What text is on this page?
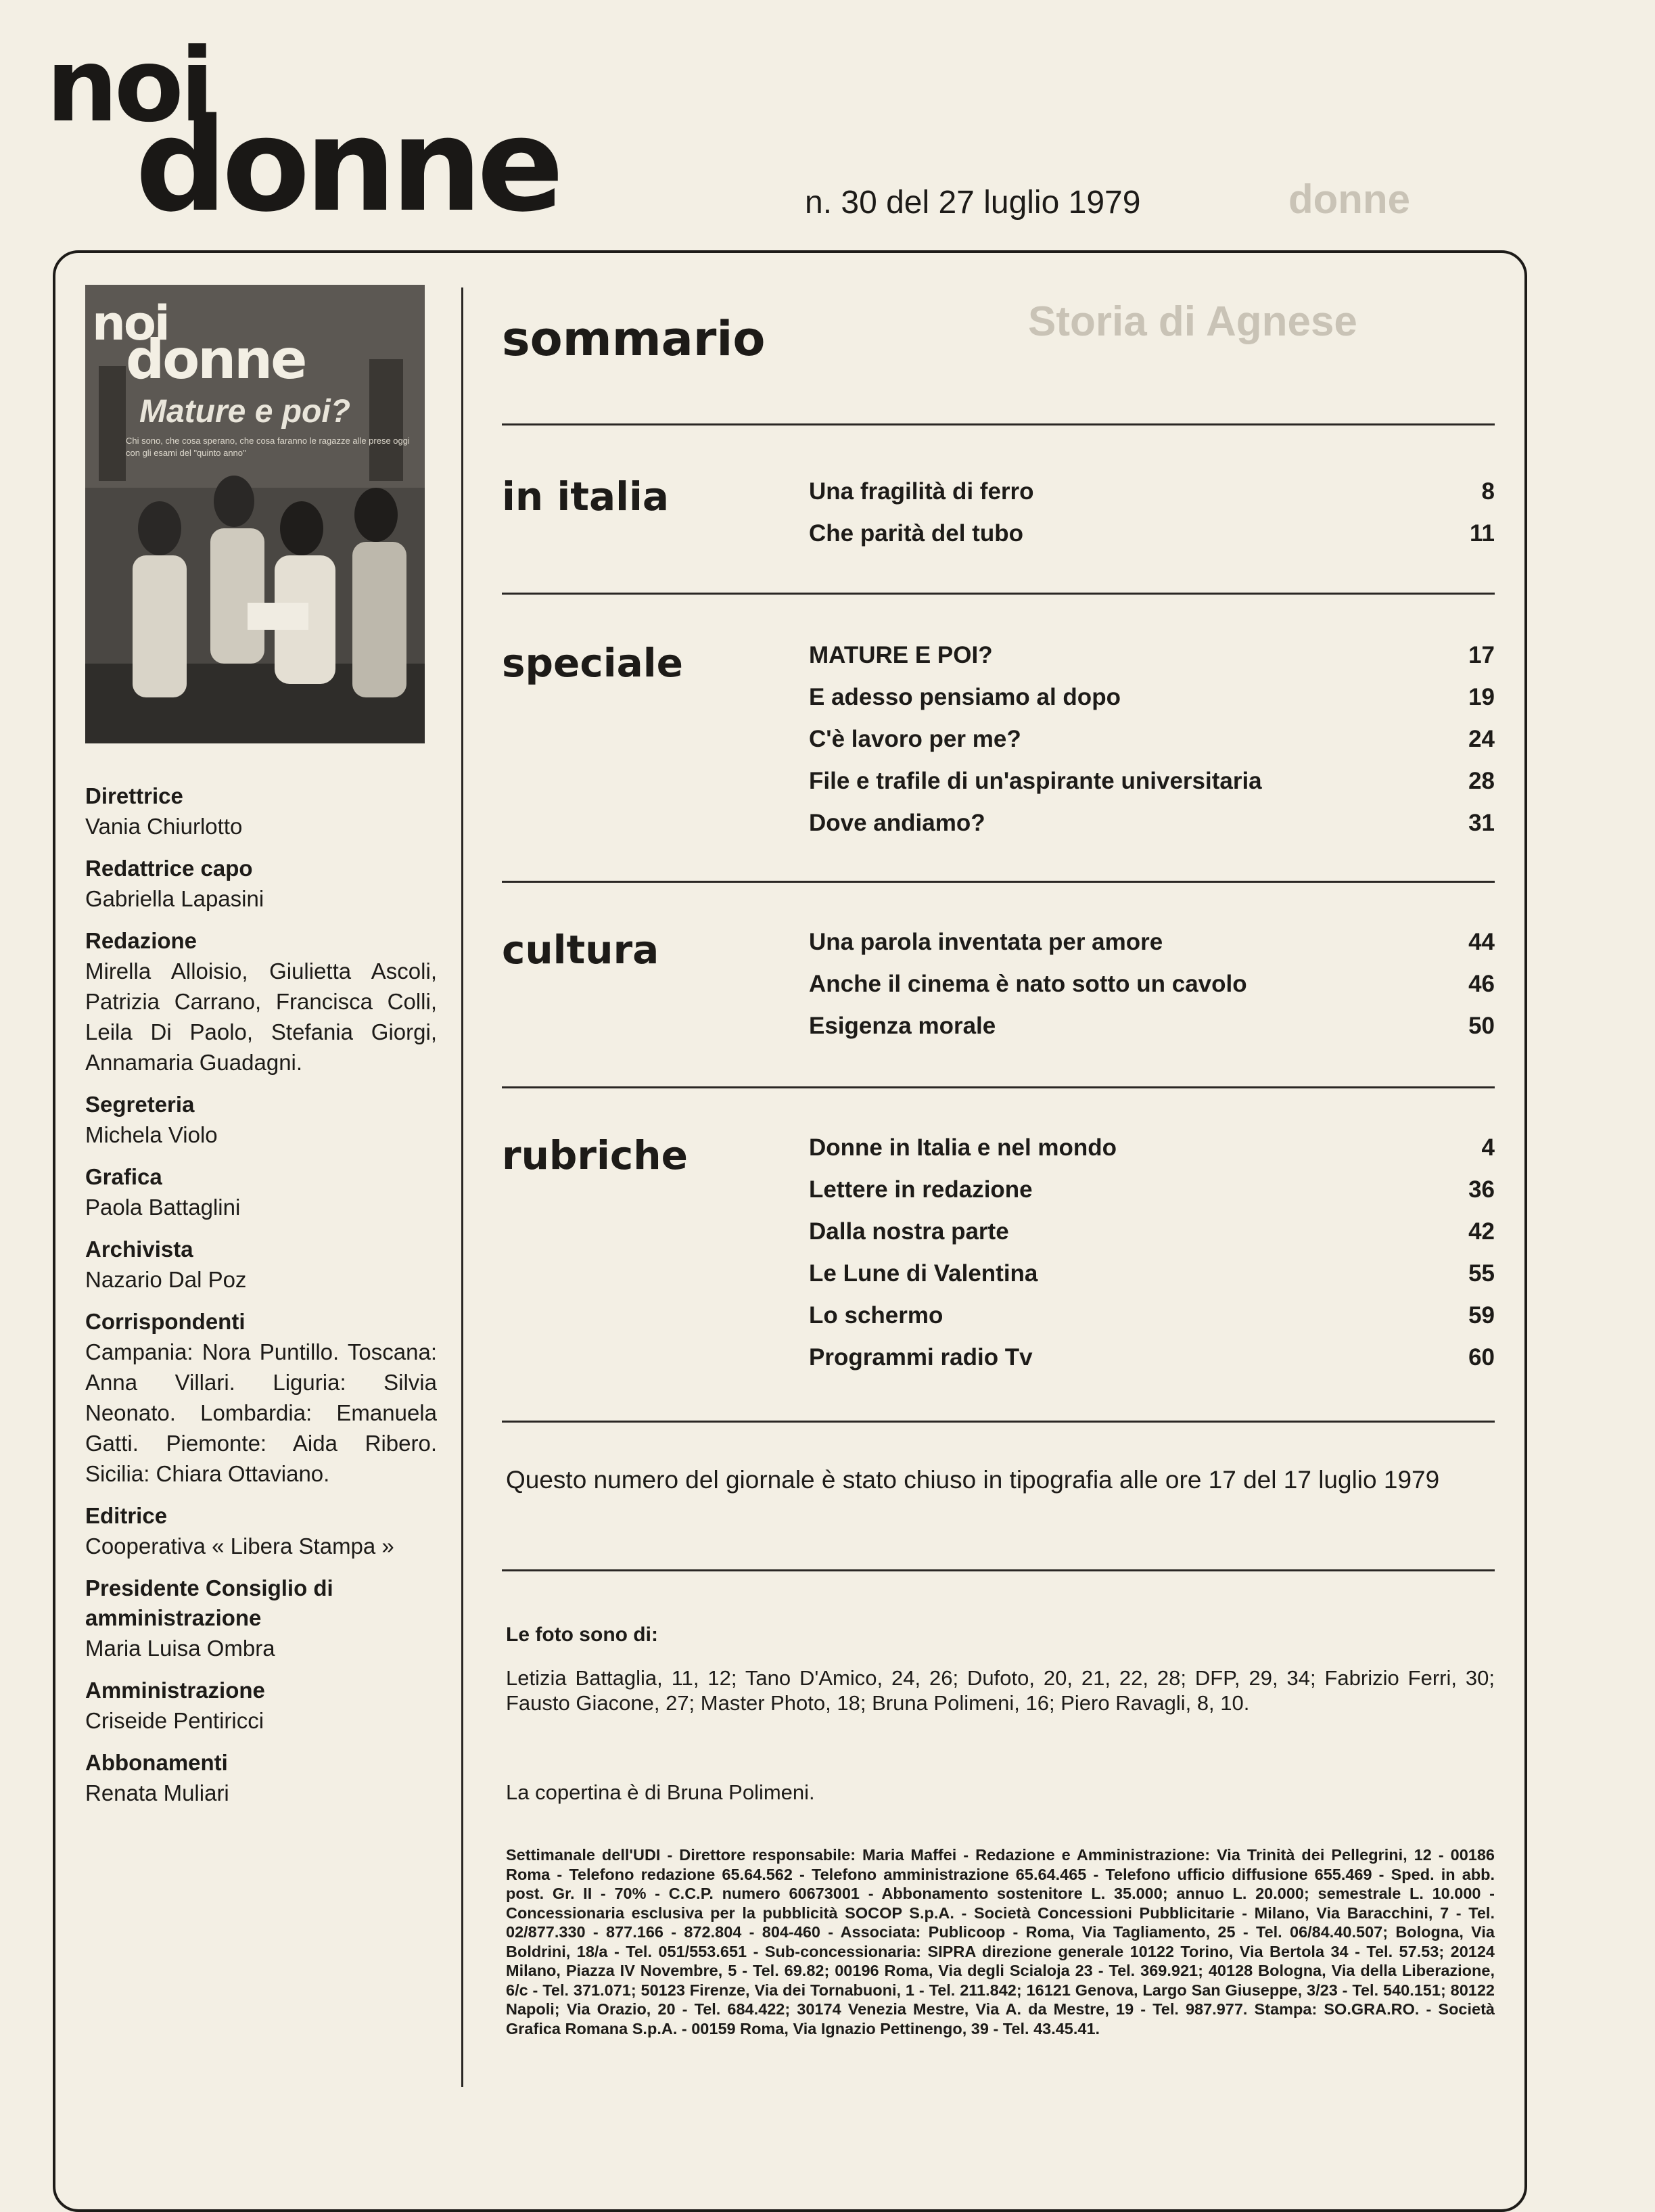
donne
Storia di Agnese
noi
donne	n. 30 del 27 luglio 1979
noi
donne
Mature e poi?
Chi sono, che cosa sperano, che cosa faranno le ragazze alle prese oggi con gli esami del "quinto anno"
Direttrice
Vania Chiurlotto
Redattrice capo
Gabriella Lapasini
Redazione
Mirella Alloisio, Giulietta Ascoli, Patrizia Carrano, Francisca Colli, Leila Di Paolo, Stefania Giorgi, Annamaria Guadagni.
Segreteria
Michela Violo
Grafica
Paola Battaglini
Archivista
Nazario Dal Poz
Corrispondenti
Campania: Nora Puntillo. Toscana: Anna Villari. Liguria: Silvia Neonato. Lombardia: Emanuela Gatti. Piemonte: Aida Ribero. Sicilia: Chiara Ottaviano.
Editrice
Cooperativa « Libera Stampa »
Presidente Consiglio di amministrazione
Maria Luisa Ombra
Amministrazione
Criseide Pentiricci
Abbonamenti
Renata Muliari
sommario
in italia	Una fragilità di ferro	8
Che parità del tubo	11
speciale	MATURE E POI?	17
E adesso pensiamo al dopo	19
C'è lavoro per me?	24
File e trafile di un'aspirante universitaria	28
Dove andiamo?	31
cultura	Una parola inventata per amore	44
Anche il cinema è nato sotto un cavolo	46
Esigenza morale	50
rubriche	Donne in Italia e nel mondo	4
Lettere in redazione	36
Dalla nostra parte	42
Le Lune di Valentina	55
Lo schermo	59
Programmi radio Tv	60
Questo numero del giornale è stato chiuso in tipografia alle ore 17 del 17 luglio 1979
Le foto sono di:
Letizia Battaglia, 11, 12; Tano D'Amico, 24, 26; Dufoto, 20, 21, 22, 28; DFP, 29, 34; Fabrizio Ferri, 30; Fausto Giacone, 27; Master Photo, 18; Bruna Polimeni, 16; Piero Ravagli, 8, 10.
La copertina è di Bruna Polimeni.
Settimanale dell'UDI - Direttore responsabile: Maria Maffei - Redazione e Amministrazione: Via Trinità dei Pellegrini, 12 - 00186 Roma - Telefono redazione 65.64.562 - Telefono amministrazione 65.64.465 - Telefono ufficio diffusione 655.469 - Sped. in abb. post. Gr. II - 70% - C.C.P. numero 60673001 - Abbonamento sostenitore L. 35.000; annuo L. 20.000; semestrale L. 10.000 - Concessionaria esclusiva per la pubblicità SOCOP S.p.A. - Società Concessioni Pubblicitarie - Milano, Via Baracchini, 7 - Tel. 02/877.330 - 877.166 - 872.804 - 804-460 - Associata: Publicoop - Roma, Via Tagliamento, 25 - Tel. 06/84.40.507; Bologna, Via Boldrini, 18/a - Tel. 051/553.651 - Sub-concessionaria: SIPRA direzione generale 10122 Torino, Via Bertola 34 - Tel. 57.53; 20124 Milano, Piazza IV Novembre, 5 - Tel. 69.82; 00196 Roma, Via degli Scialoja 23 - Tel. 369.921; 40128 Bologna, Via della Liberazione, 6/c - Tel. 371.071; 50123 Firenze, Via dei Tornabuoni, 1 - Tel. 211.842; 16121 Genova, Largo San Giuseppe, 3/23 - Tel. 540.151; 80122 Napoli; Via Orazio, 20 - Tel. 684.422; 30174 Venezia Mestre, Via A. da Mestre, 19 - Tel. 987.977. Stampa: SO.GRA.RO. - Società Grafica Romana S.p.A. - 00159 Roma, Via Ignazio Pettinengo, 39 - Tel. 43.45.41.
